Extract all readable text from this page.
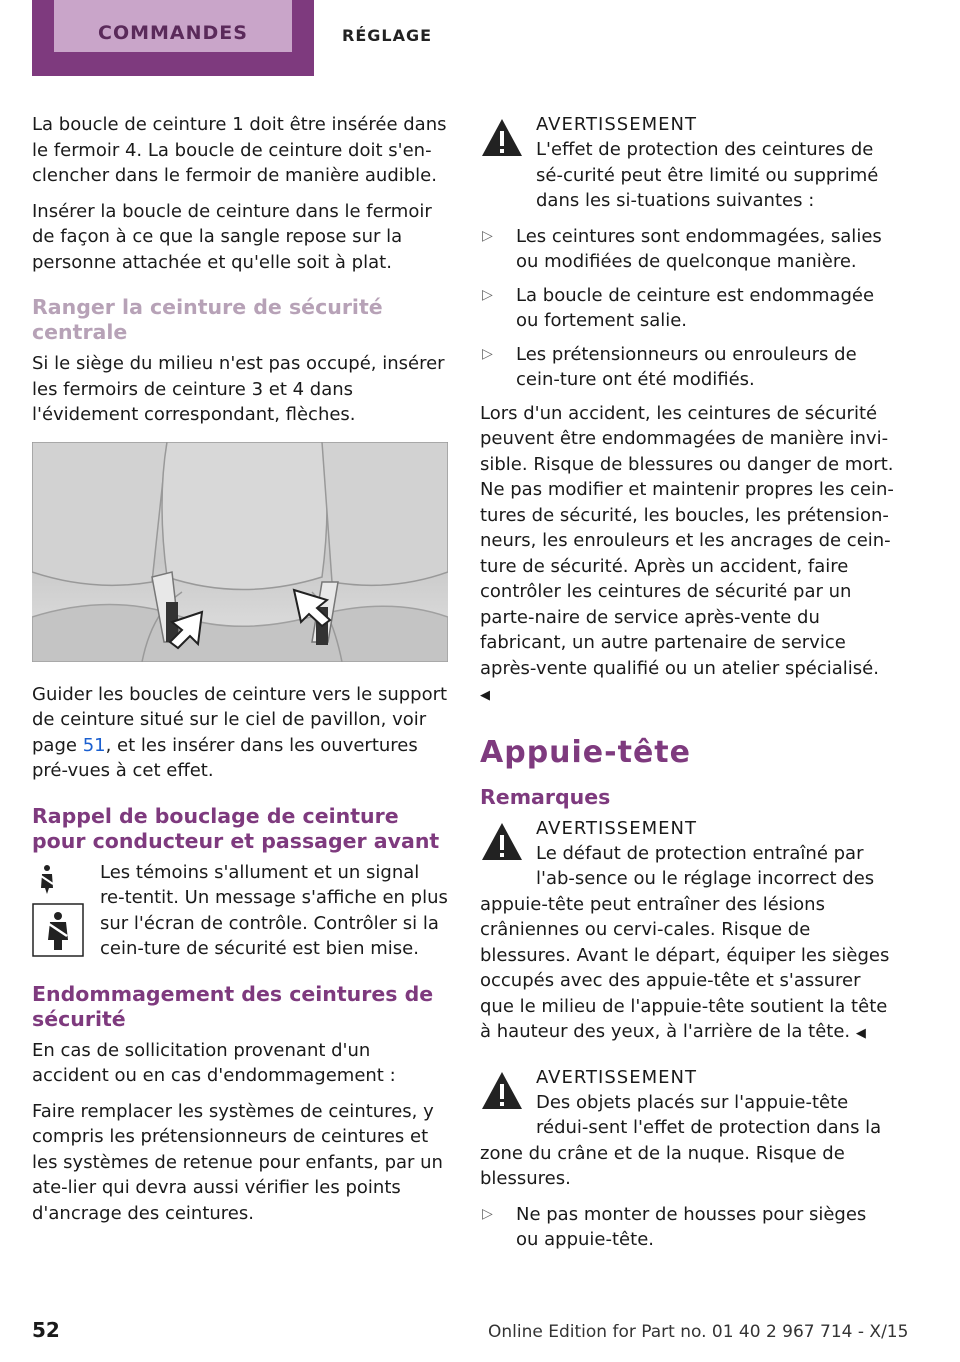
COMMANDES	RÉGLAGE

La boucle de ceinture 1 doit être insérée dans le fermoir 4. La boucle de ceinture doit s'en-clencher dans le fermoir de manière audible.

Insérer la boucle de ceinture dans le fermoir de façon à ce que la sangle repose sur la personne attachée et qu'elle soit à plat.

Ranger la ceinture de sécurité centrale

Si le siège du milieu n'est pas occupé, insérer les fermoirs de ceinture 3 et 4 dans l'évidement correspondant, flèches.

Guider les boucles de ceinture vers le support de ceinture situé sur le ciel de pavillon, voir page 51, et les insérer dans les ouvertures pré-vues à cet effet.

Rappel de bouclage de ceinture pour conducteur et passager avant

Les témoins s'allument et un signal re-tentit. Un message s'affiche en plus sur l'écran de contrôle. Contrôler si la cein-ture de sécurité est bien mise.

Endommagement des ceintures de sécurité

En cas de sollicitation provenant d'un accident ou en cas d'endommagement :

Faire remplacer les systèmes de ceintures, y compris les prétensionneurs de ceintures et les systèmes de retenue pour enfants, par un ate-lier qui devra aussi vérifier les points d'ancrage des ceintures.

AVERTISSEMENT

L'effet de protection des ceintures de sé-curité peut être limité ou supprimé dans les si-tuations suivantes :

▷	Les ceintures sont endommagées, salies ou modifiées de quelconque manière.
▷	La boucle de ceinture est endommagée ou fortement salie.
▷	Les prétensionneurs ou enrouleurs de cein-ture ont été modifiés.

Lors d'un accident, les ceintures de sécurité peuvent être endommagées de manière invi-sible. Risque de blessures ou danger de mort. Ne pas modifier et maintenir propres les cein-tures de sécurité, les boucles, les prétension-neurs, les enrouleurs et les ancrages de cein-ture de sécurité. Après un accident, faire contrôler les ceintures de sécurité par un parte-naire de service après-vente du fabricant, un autre partenaire de service après-vente qualifié ou un atelier spécialisé. ◀

Appuie-tête
Remarques
AVERTISSEMENT

Le défaut de protection entraîné par l'ab-sence ou le réglage incorrect des appuie-tête peut entraîner des lésions crâniennes ou cervi-cales. Risque de blessures. Avant le départ, équiper les sièges occupés avec des appuie-tête et s'assurer que le milieu de l'appuie-tête soutient la tête à hauteur des yeux, à l'arrière de la tête. ◀

AVERTISSEMENT

Des objets placés sur l'appuie-tête rédui-sent l'effet de protection dans la zone du crâne et de la nuque. Risque de blessures.

▷	Ne pas monter de housses pour sièges ou appuie-tête.
52	Online Edition for Part no. 01 40 2 967 714 - X/15
